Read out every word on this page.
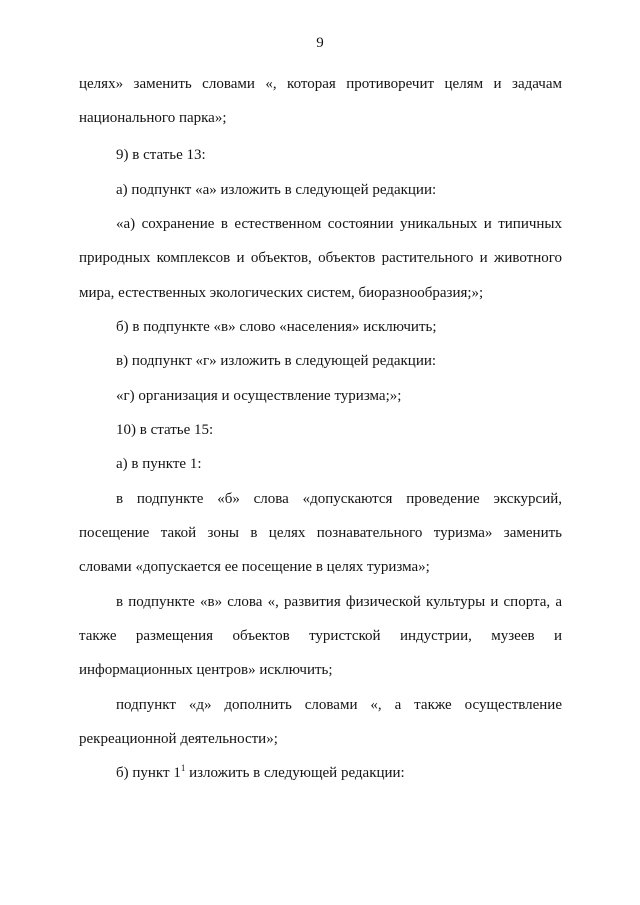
9
целях» заменить словами «, которая противоречит целям и задачам
национального парка»;
9) в статье 13:
а) подпункт «а» изложить в следующей редакции:
«а) сохранение в естественном состоянии уникальных и типичных
природных комплексов и объектов, объектов растительного и животного
мира, естественных экологических систем, биоразнообразия;»;
б) в подпункте «в» слово «населения» исключить;
в) подпункт «г» изложить в следующей редакции:
«г) организация и осуществление туризма;»;
10) в статье 15:
а) в пункте 1:
в подпункте «б» слова «допускаются проведение экскурсий,
посещение такой зоны в целях познавательного туризма» заменить
словами «допускается ее посещение в целях туризма»;
в подпункте «в» слова «, развития физической культуры и спорта, а
также размещения объектов туристской индустрии, музеев и
информационных центров» исключить;
подпункт «д» дополнить словами «, а также осуществление
рекреационной деятельности»;
б) пункт $1^1$ изложить в следующей редакции:
